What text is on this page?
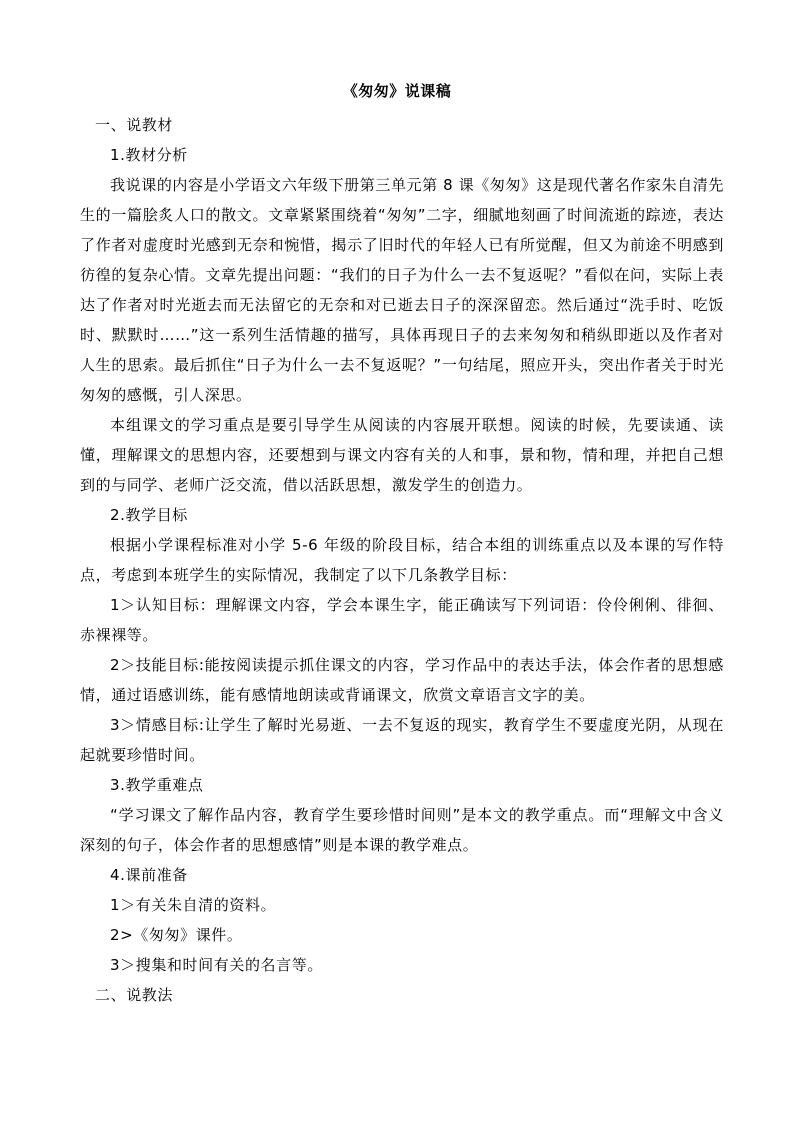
《匆匆》说课稿

一、说教材

1.教材分析

我说课的内容是小学语文六年级下册第三单元第 8 课《匆匆》这是现代著名作家朱自清先生的一篇脍炙人口的散文。文章紧紧围绕着“匆匆”二字，细腻地刻画了时间流逝的踪迹，表达了作者对虚度时光感到无奈和惋惜，揭示了旧时代的年轻人已有所觉醒，但又为前途不明感到彷徨的复杂心情。文章先提出问题：“我们的日子为什么一去不复返呢？”看似在问，实际上表达了作者对时光逝去而无法留它的无奈和对已逝去日子的深深留恋。然后通过“洗手时、吃饭时、默默时……”这一系列生活情趣的描写，具体再现日子的去来匆匆和稍纵即逝以及作者对人生的思索。最后抓住“日子为什么一去不复返呢？”一句结尾，照应开头，突出作者关于时光匆匆的感慨，引人深思。

本组课文的学习重点是要引导学生从阅读的内容展开联想。阅读的时候，先要读通、读懂，理解课文的思想内容，还要想到与课文内容有关的人和事，景和物，情和理，并把自己想到的与同学、老师广泛交流，借以活跃思想，激发学生的创造力。

2.教学目标

根据小学课程标准对小学 5-6 年级的阶段目标，结合本组的训练重点以及本课的写作特点，考虑到本班学生的实际情况，我制定了以下几条教学目标：

1＞认知目标：理解课文内容，学会本课生字，能正确读写下列词语：伶伶俐俐、徘徊、赤裸裸等。

2＞技能目标:能按阅读提示抓住课文的内容，学习作品中的表达手法，体会作者的思想感情，通过语感训练，能有感情地朗读或背诵课文，欣赏文章语言文字的美。

3＞情感目标:让学生了解时光易逝、一去不复返的现实，教育学生不要虚度光阴，从现在起就要珍惜时间。

3.教学重难点

“学习课文了解作品内容，教育学生要珍惜时间则”是本文的教学重点。而“理解文中含义深刻的句子，体会作者的思想感情”则是本课的教学难点。

4.课前准备

1＞有关朱自清的资料。

2>《匆匆》课件。

3＞搜集和时间有关的名言等。

二、说教法
